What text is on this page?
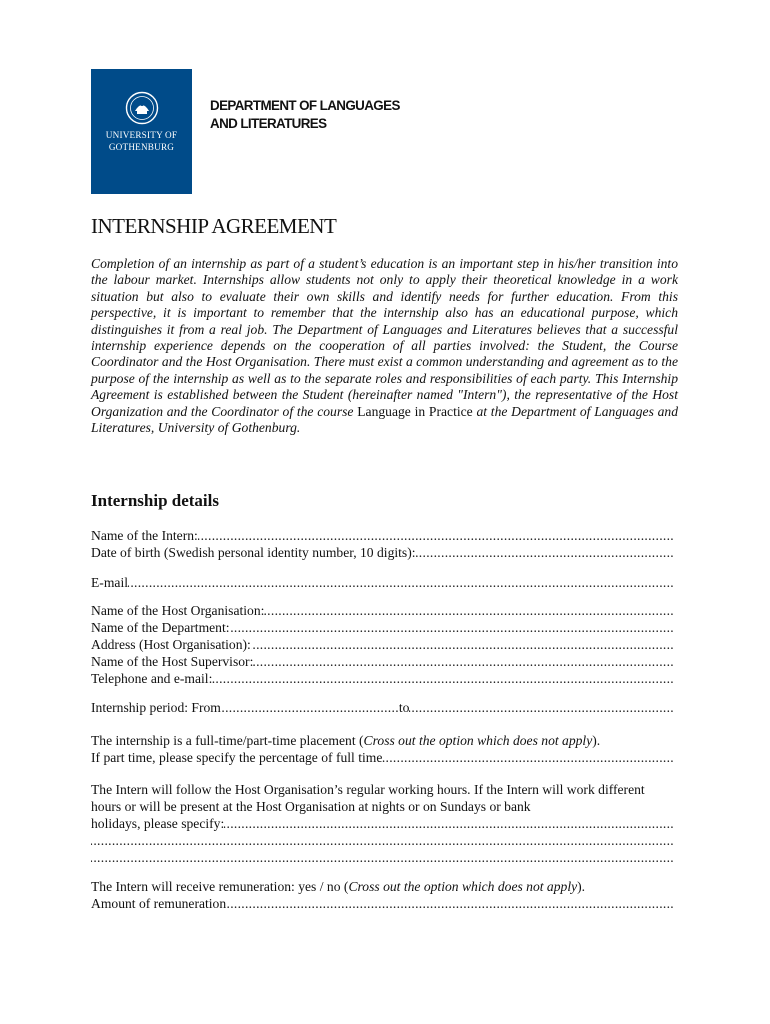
UNIVERSITY OF
GOTHENBURG
DEPARTMENT OF LANGUAGES
AND LITERATURES
INTERNSHIP AGREEMENT

Completion of an internship as part of a student’s education is an important step in his/her transition into the labour market. Internships allow students not only to apply their theoretical knowledge in a work situation but also to evaluate their own skills and identify needs for further education. From this perspective, it is important to remember that the internship also has an educational purpose, which distinguishes it from a real job. The Department of Languages and Literatures believes that a successful internship experience depends on the cooperation of all parties involved: the Student, the Course Coordinator and the Host Organisation. There must exist a common understanding and agreement as to the purpose of the internship as well as to the separate roles and responsibilities of each party. This Internship Agreement is established between the Student (hereinafter named "Intern"), the representative of the Host Organization and the Coordinator of the course Language in Practice at the Department of Languages and Literatures, University of Gothenburg.

Internship details
Name of the Intern:
.....
Date of birth (Swedish personal identity number, 10 digits):
.....
E-mail
.....
Name of the Host Organisation:
.....
Name of the Department:
.....
Address (Host Organisation):
.....
Name of the Host Supervisor:
.....
Telephone and e-mail:
.....
Internship period: From
.....	to
.....

The internship is a full-time/part-time placement (Cross out the option which does not apply).

If part time, please specify the percentage of full time
.....

The Intern will follow the Host Organisation’s regular working hours. If the Intern will work different hours or will be present at the Host Organisation at nights or on Sundays or bank

holidays, please specify:
.....
.....
.....

The Intern will receive remuneration: yes / no (Cross out the option which does not apply).

Amount of remuneration
.....
